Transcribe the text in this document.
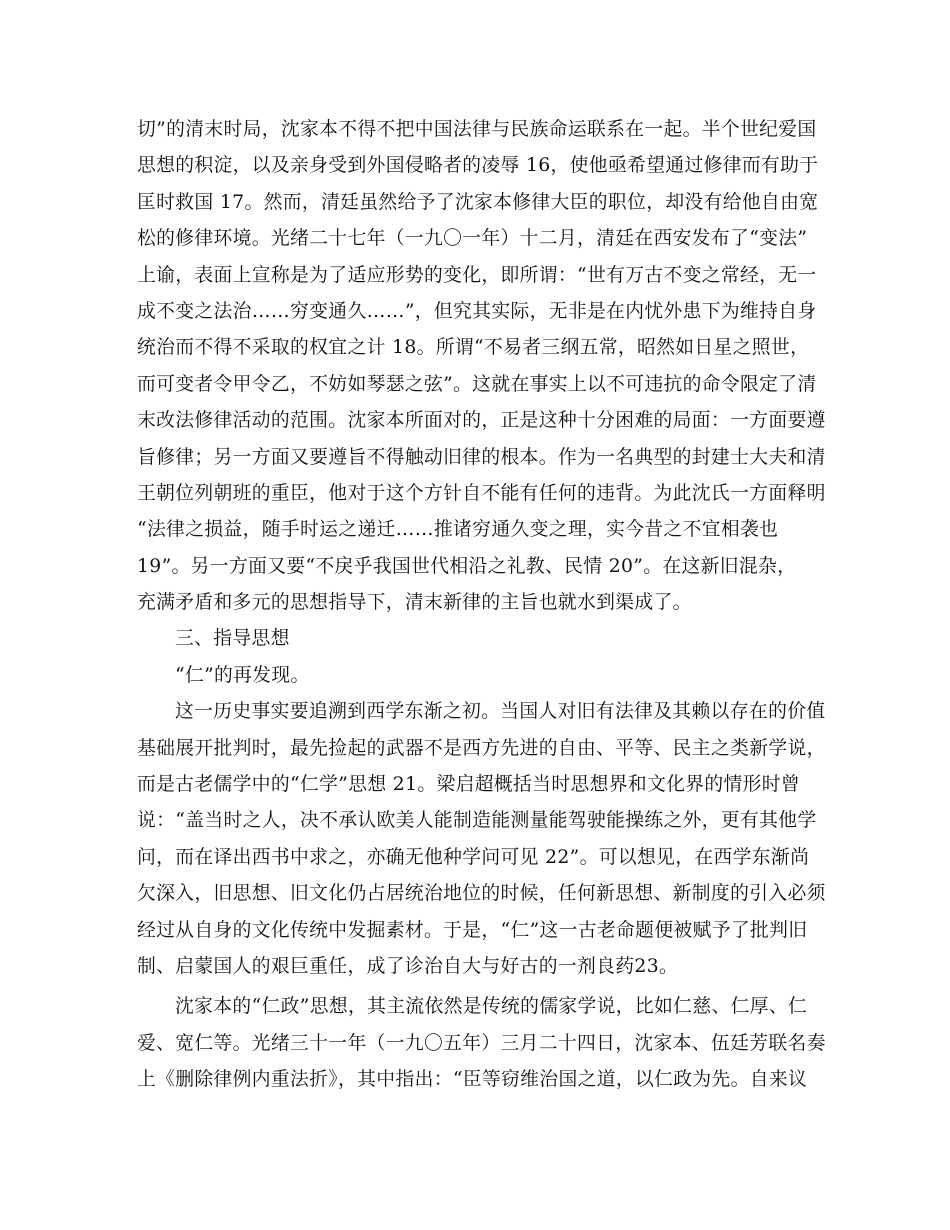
切”的清末时局，沈家本不得不把中国法律与民族命运联系在一起。半个世纪爱国
思想的积淀，以及亲身受到外国侵略者的凌辱 16，使他亟希望通过修律而有助于
匡时救国 17。然而，清廷虽然给予了沈家本修律大臣的职位，却没有给他自由宽
松的修律环境。光绪二十七年（一九〇一年）十二月，清廷在西安发布了“变法”
上谕，表面上宣称是为了适应形势的变化，即所谓：“世有万古不变之常经，无一
成不变之法治……穷变通久……”，但究其实际，无非是在内忧外患下为维持自身
统治而不得不采取的权宜之计 18。所谓“不易者三纲五常，昭然如日星之照世，
而可变者令甲令乙，不妨如琴瑟之弦”。这就在事实上以不可违抗的命令限定了清
末改法修律活动的范围。沈家本所面对的，正是这种十分困难的局面：一方面要遵
旨修律；另一方面又要遵旨不得触动旧律的根本。作为一名典型的封建士大夫和清
王朝位列朝班的重臣，他对于这个方针自不能有任何的违背。为此沈氏一方面释明
“法律之损益，随手时运之递迁……推诸穷通久变之理，实今昔之不宜相袭也
19”。另一方面又要“不戾乎我国世代相沿之礼教、民情 20”。在这新旧混杂，
充满矛盾和多元的思想指导下，清末新律的主旨也就水到渠成了。
三、指导思想
“仁”的再发现。
这一历史事实要追溯到西学东渐之初。当国人对旧有法律及其赖以存在的价值
基础展开批判时，最先捡起的武器不是西方先进的自由、平等、民主之类新学说，
而是古老儒学中的“仁学”思想 21。梁启超概括当时思想界和文化界的情形时曾
说：“盖当时之人，决不承认欧美人能制造能测量能驾驶能操练之外，更有其他学
问，而在译出西书中求之，亦确无他种学问可见 22”。可以想见，在西学东渐尚
欠深入，旧思想、旧文化仍占居统治地位的时候，任何新思想、新制度的引入必须
经过从自身的文化传统中发掘素材。于是，“仁”这一古老命题便被赋予了批判旧
制、启蒙国人的艰巨重任，成了诊治自大与好古的一剂良药23。
沈家本的“仁政”思想，其主流依然是传统的儒家学说，比如仁慈、仁厚、仁
爱、宽仁等。光绪三十一年（一九〇五年）三月二十四日，沈家本、伍廷芳联名奏
上《删除律例内重法折》，其中指出：“臣等窃维治国之道，以仁政为先。自来议
